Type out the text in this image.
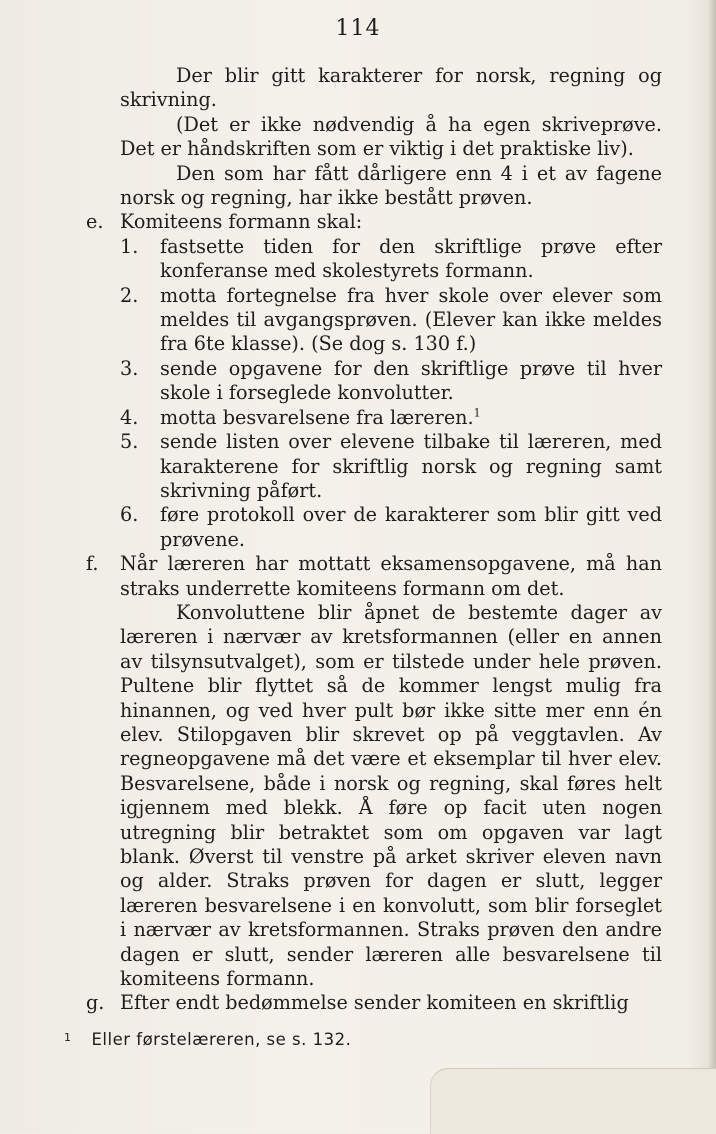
114

Der blir gitt karakterer for norsk, regning og skrivning.

(Det er ikke nødvendig å ha egen skriveprøve. Det er håndskriften som er viktig i det praktiske liv).

Den som har fått dårligere enn 4 i et av fagene norsk og regning, har ikke bestått prøven.

e. Komiteens formann skal:

1. fastsette tiden for den skriftlige prøve efter konferanse med skolestyrets formann.
2. motta fortegnelse fra hver skole over elever som meldes til avgangsprøven. (Elever kan ikke meldes fra 6te klasse). (Se dog s. 130 f.)
3. sende opgavene for den skriftlige prøve til hver skole i forseglede konvolutter.
4. motta besvarelsene fra læreren.$^1$
5. sende listen over elevene tilbake til læreren, med karakterene for skriftlig norsk og regning samt skrivning påført.
6. føre protokoll over de karakterer som blir gitt ved prøvene.

f. Når læreren har mottatt eksamensopgavene, må han straks underrette komiteens formann om det.

Konvoluttene blir åpnet de bestemte dager av læreren i nærvær av kretsformannen (eller en annen av tilsynsutvalget), som er tilstede under hele prøven. Pultene blir flyttet så de kommer lengst mulig fra hinannen, og ved hver pult bør ikke sitte mer enn én elev. Stilopgaven blir skrevet op på veggtavlen. Av regneopgavene må det være et eksemplar til hver elev. Besvarelsene, både i norsk og regning, skal føres helt igjennem med blekk. Å føre op facit uten nogen utregning blir betraktet som om opgaven var lagt blank. Øverst til venstre på arket skriver eleven navn og alder. Straks prøven for dagen er slutt, legger læreren besvarelsene i en konvolutt, som blir forseglet i nærvær av kretsformannen. Straks prøven den andre dagen er slutt, sender læreren alle besvarelsene til komiteens formann.

g. Efter endt bedømmelse sender komiteen en skriftlig

$^1$ Eller førstelæreren, se s. 132.
